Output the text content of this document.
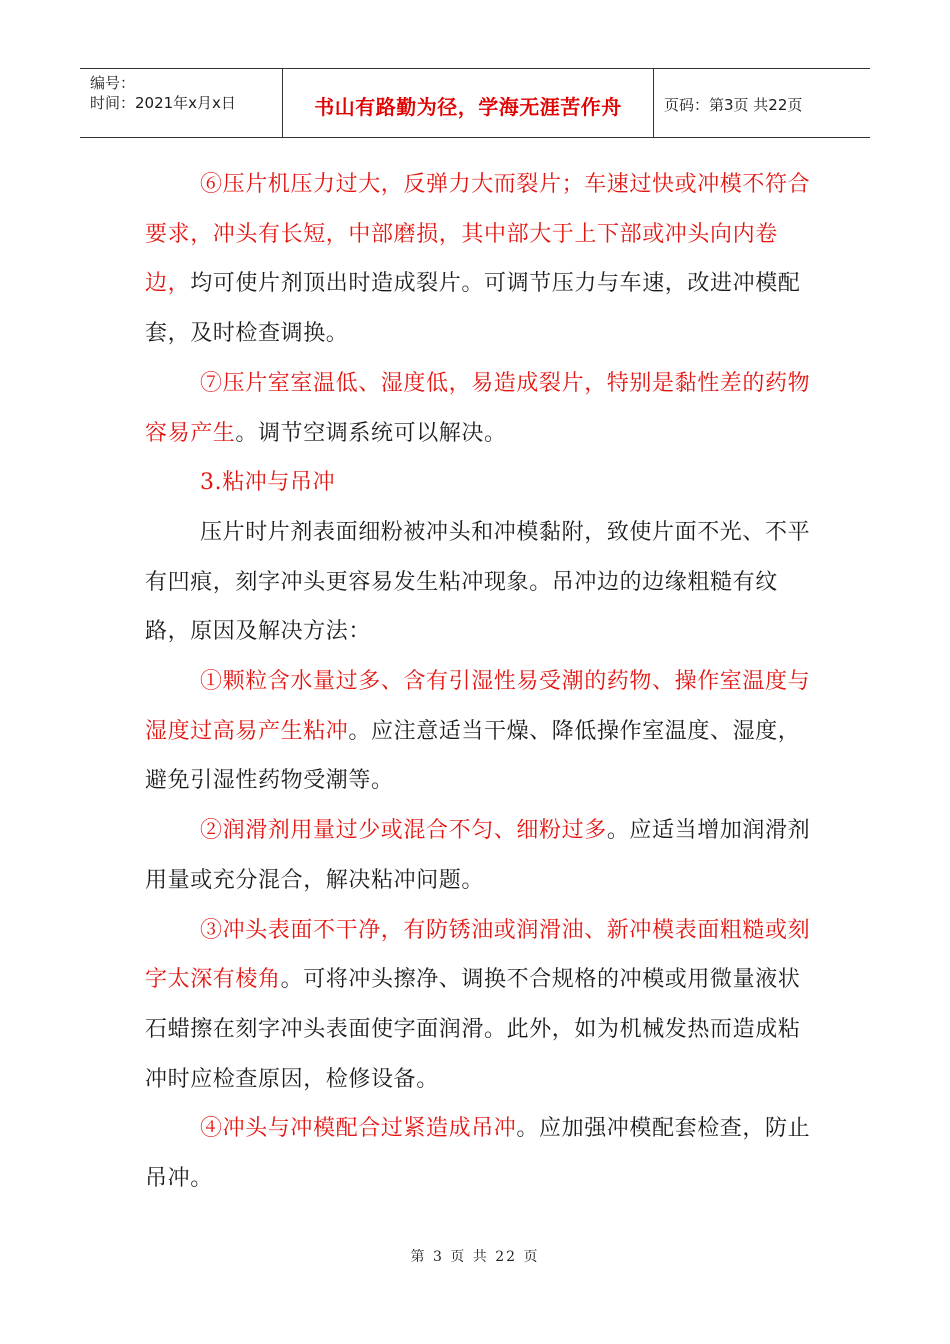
编号：
时间：2021年x月x日	书山有路勤为径，学海无涯苦作舟	页码：第3页 共22页

⑥压片机压力过大，反弹力大而裂片；车速过快或冲模不符合要求，冲头有长短，中部磨损，其中部大于上下部或冲头向内卷边，均可使片剂顶出时造成裂片。可调节压力与车速，改进冲模配套，及时检查调换。

⑦压片室室温低、湿度低，易造成裂片，特别是黏性差的药物容易产生。调节空调系统可以解决。

3.粘冲与吊冲

压片时片剂表面细粉被冲头和冲模黏附，致使片面不光、不平有凹痕，刻字冲头更容易发生粘冲现象。吊冲边的边缘粗糙有纹路，原因及解决方法：

①颗粒含水量过多、含有引湿性易受潮的药物、操作室温度与湿度过高易产生粘冲。应注意适当干燥、降低操作室温度、湿度，避免引湿性药物受潮等。

②润滑剂用量过少或混合不匀、细粉过多。应适当增加润滑剂用量或充分混合，解决粘冲问题。

③冲头表面不干净，有防锈油或润滑油、新冲模表面粗糙或刻字太深有棱角。可将冲头擦净、调换不合规格的冲模或用微量液状石蜡擦在刻字冲头表面使字面润滑。此外，如为机械发热而造成粘冲时应检查原因，检修设备。

④冲头与冲模配合过紧造成吊冲。应加强冲模配套检查，防止吊冲。

第 3 页 共 22 页
